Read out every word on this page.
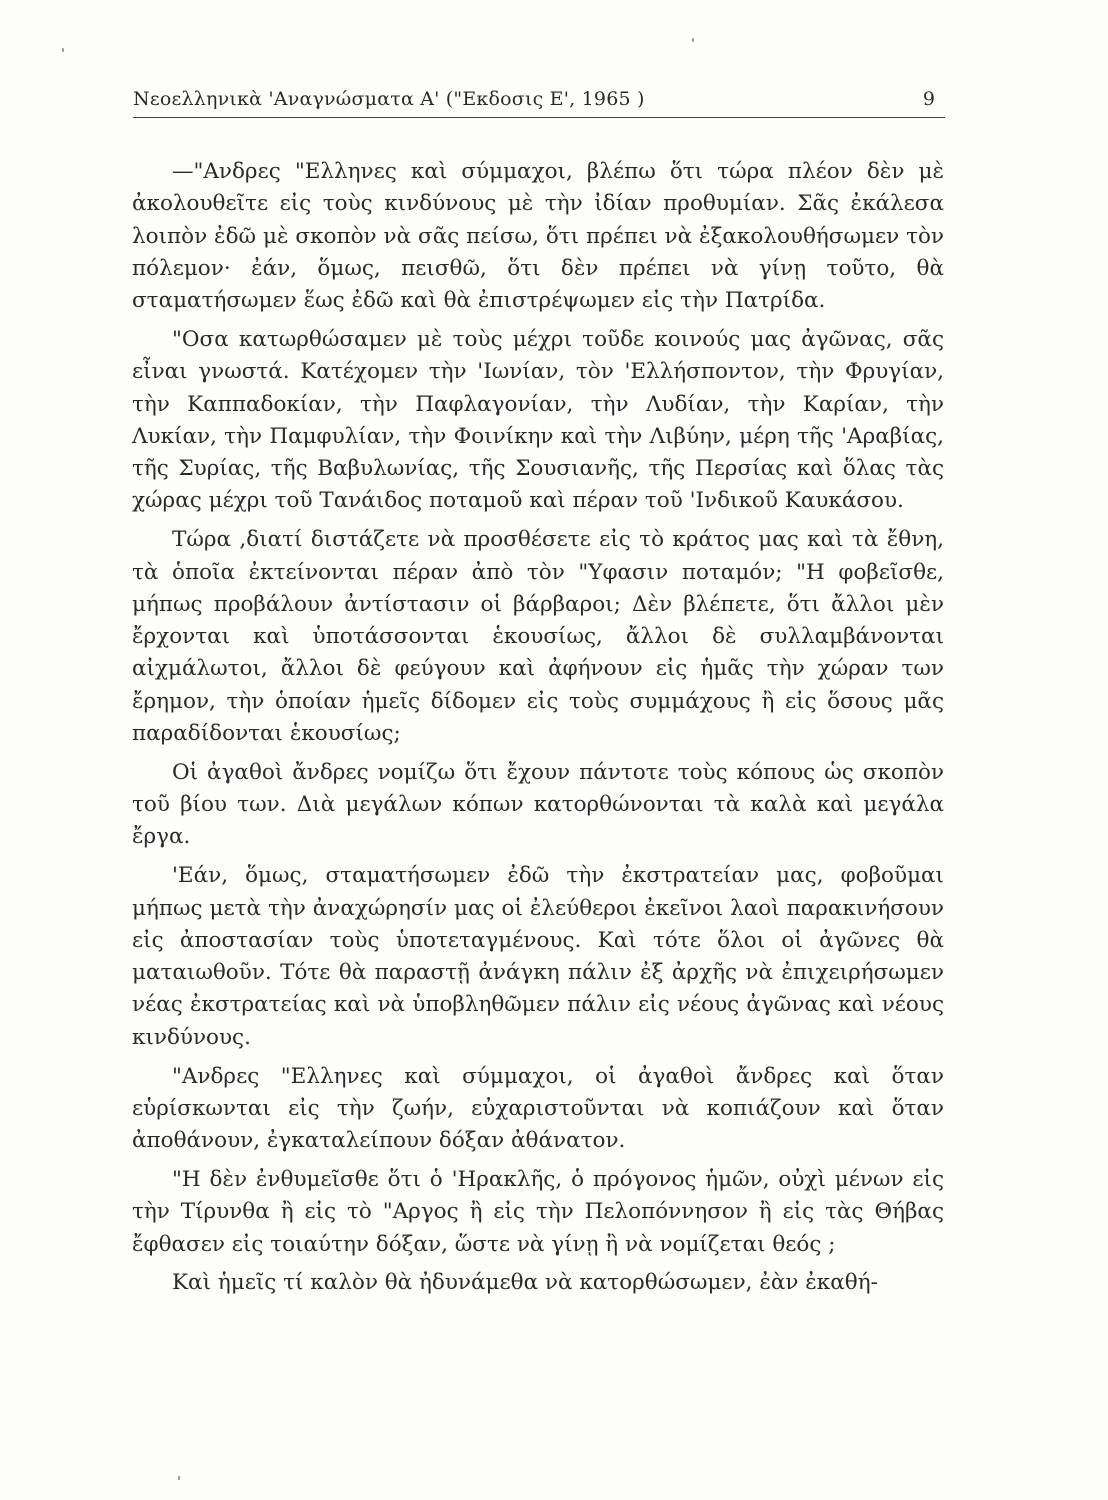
Νεοελληνικὰ 'Αναγνώσματα Α' ("Εκδοσις Ε', 1965 )	9

—"Ανδρες "Ελληνες καὶ σύμμαχοι, βλέπω ὅτι τώρα πλέον δὲν μὲ ἀκολουθεῖτε εἰς τοὺς κινδύνους μὲ τὴν ἰδίαν προθυμίαν. Σᾶς ἐκάλεσα λοιπὸν ἐδῶ μὲ σκοπὸν νὰ σᾶς πείσω, ὅτι πρέπει νὰ ἐξακολουθήσωμεν τὸν πόλεμον· ἐάν, ὅμως, πεισθῶ, ὅτι δὲν πρέπει νὰ γίνῃ τοῦτο, θὰ σταματήσωμεν ἕως ἐδῶ καὶ θὰ ἐπιστρέψωμεν εἰς τὴν Πατρίδα.

"Οσα κατωρθώσαμεν μὲ τοὺς μέχρι τοῦδε κοινούς μας ἀγῶνας, σᾶς εἶναι γνωστά. Κατέχομεν τὴν 'Ιωνίαν, τὸν 'Ελλήσποντον, τὴν Φρυγίαν, τὴν Καππαδοκίαν, τὴν Παφλαγονίαν, τὴν Λυδίαν, τὴν Καρίαν, τὴν Λυκίαν, τὴν Παμφυλίαν, τὴν Φοινίκην καὶ τὴν Λιβύην, μέρη τῆς 'Αραβίας, τῆς Συρίας, τῆς Βαβυλωνίας, τῆς Σουσιανῆς, τῆς Περσίας καὶ ὅλας τὰς χώρας μέχρι τοῦ Τανάιδος ποταμοῦ καὶ πέραν τοῦ 'Ινδικοῦ Καυκάσου.

Τώρα ,διατί διστάζετε νὰ προσθέσετε εἰς τὸ κράτος μας καὶ τὰ ἔθνη, τὰ ὁποῖα ἐκτείνονται πέραν ἀπὸ τὸν "Υφασιν ποταμόν; "Η φοβεῖσθε, μήπως προβάλουν ἀντίστασιν οἱ βάρβαροι; Δὲν βλέπετε, ὅτι ἄλλοι μὲν ἔρχονται καὶ ὑποτάσσονται ἑκουσίως, ἄλλοι δὲ συλλαμβάνονται αἰχμάλωτοι, ἄλλοι δὲ φεύγουν καὶ ἀφήνουν εἰς ἡμᾶς τὴν χώραν των ἔρημον, τὴν ὁποίαν ἡμεῖς δίδομεν εἰς τοὺς συμμάχους ἢ εἰς ὅσους μᾶς παραδίδονται ἑκουσίως;

Οἱ ἀγαθοὶ ἄνδρες νομίζω ὅτι ἔχουν πάντοτε τοὺς κόπους ὡς σκοπὸν τοῦ βίου των. Διὰ μεγάλων κόπων κατορθώνονται τὰ καλὰ καὶ μεγάλα ἔργα.

'Εάν, ὅμως, σταματήσωμεν ἐδῶ τὴν ἐκστρατείαν μας, φοβοῦμαι μήπως μετὰ τὴν ἀναχώρησίν μας οἱ ἐλεύθεροι ἐκεῖνοι λαοὶ παρακινήσουν εἰς ἀποστασίαν τοὺς ὑποτεταγμένους. Καὶ τότε ὅλοι οἱ ἀγῶνες θὰ ματαιωθοῦν. Τότε θὰ παραστῇ ἀνάγκη πάλιν ἐξ ἀρχῆς νὰ ἐπιχειρήσωμεν νέας ἐκστρατείας καὶ νὰ ὑποβληθῶμεν πάλιν εἰς νέους ἀγῶνας καὶ νέους κινδύνους.

"Ανδρες "Ελληνες καὶ σύμμαχοι, οἱ ἀγαθοὶ ἄνδρες καὶ ὅταν εὑρίσκωνται εἰς τὴν ζωήν, εὐχαριστοῦνται νὰ κοπιάζουν καὶ ὅταν ἀποθάνουν, ἐγκαταλείπουν δόξαν ἀθάνατον.

"Η δὲν ἐνθυμεῖσθε ὅτι ὁ 'Ηρακλῆς, ὁ πρόγονος ἡμῶν, οὐχὶ μένων εἰς τὴν Τίρυνθα ἢ εἰς τὸ "Αργος ἢ εἰς τὴν Πελοπόννησον ἢ εἰς τὰς Θήβας ἔφθασεν εἰς τοιαύτην δόξαν, ὥστε νὰ γίνῃ ἢ νὰ νομίζεται θεός ;

Καὶ ἡμεῖς τί καλὸν θὰ ἠδυνάμεθα νὰ κατορθώσωμεν, ἐὰν ἐκαθή-
